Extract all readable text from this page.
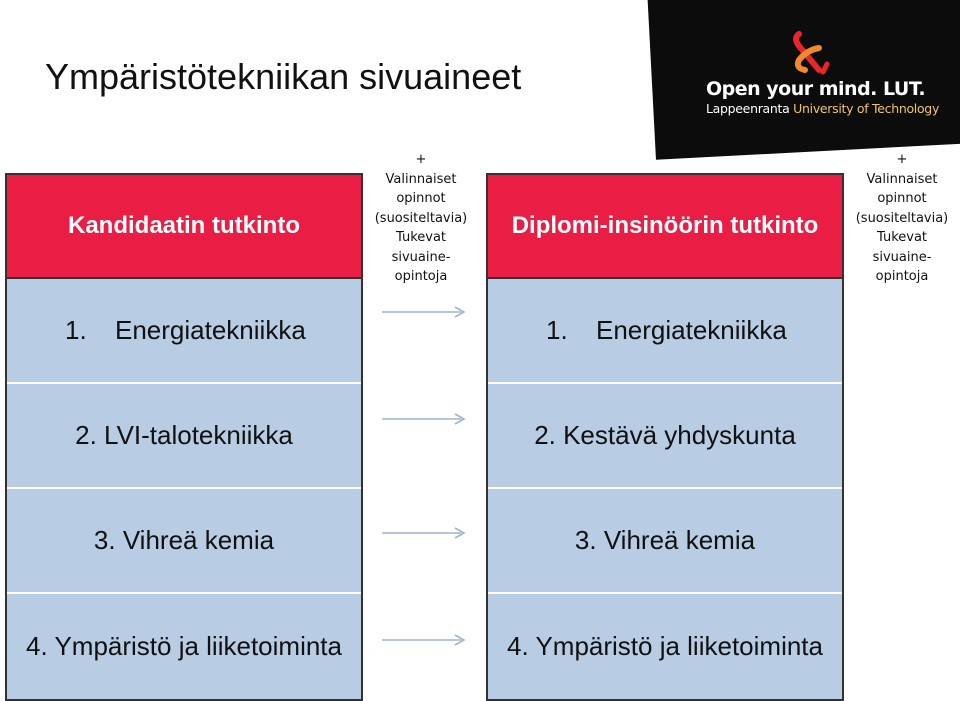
Ympäristötekniikan sivuaineet	Open your mind. LUT.
Lappeenranta University of Technology
Kandidaatin tutkinto
1.	Energiatekniikka
2. LVI-talotekniikka
3. Vihreä kemia
4. Ympäristö ja liiketoiminta
Diplomi-insinöörin tutkinto
1.	Energiatekniikka
2. Kestävä yhdyskunta
3. Vihreä kemia
4. Ympäristö ja liiketoiminta
+
Valinnaiset
opinnot
(suositeltavia)
Tukevat
sivuaine-
opintoja
+
Valinnaiset
opinnot
(suositeltavia)
Tukevat
sivuaine-
opintoja
